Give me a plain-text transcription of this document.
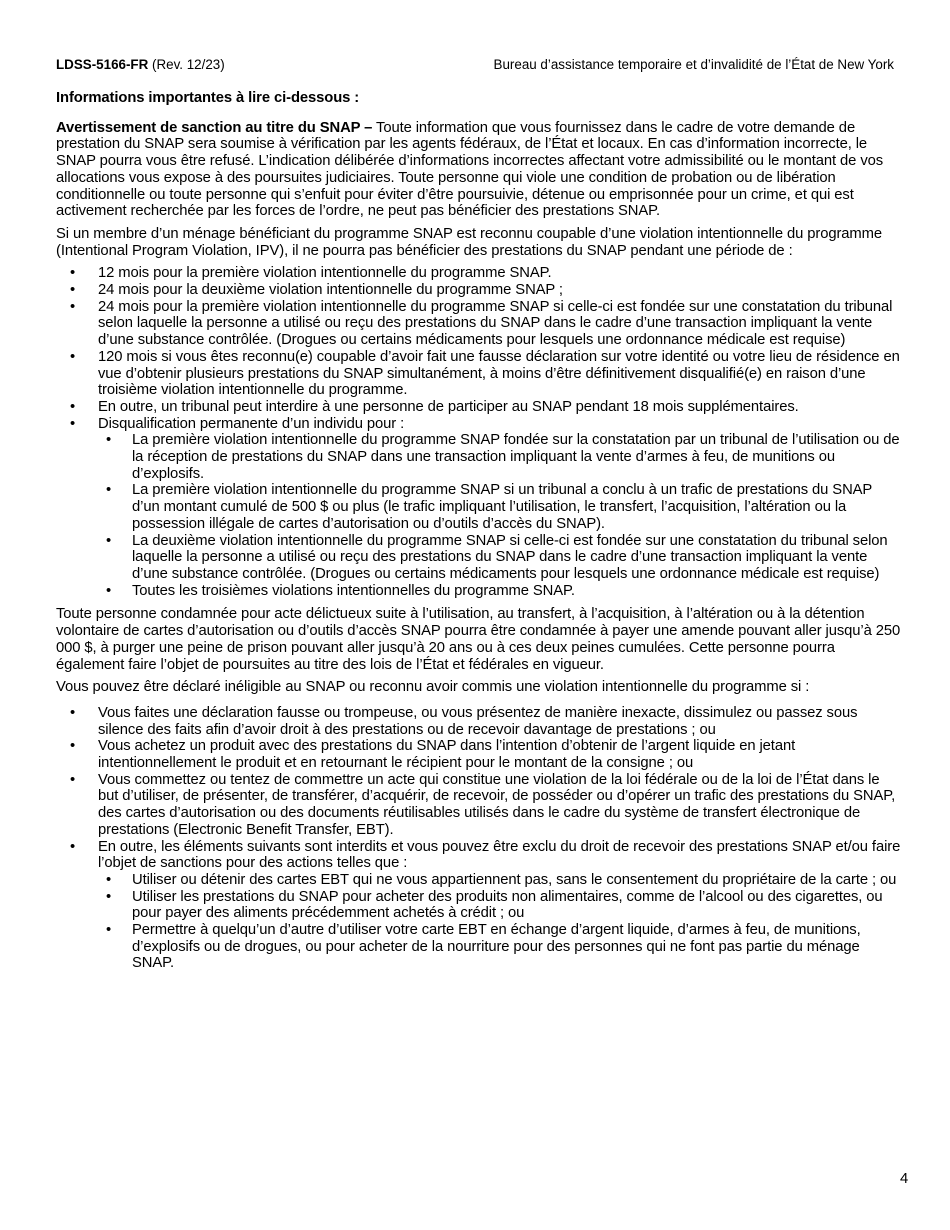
LDSS-5166-FR (Rev. 12/23)	Bureau d’assistance temporaire et d’invalidité de l’État de New York

Informations importantes à lire ci-dessous :

Avertissement de sanction au titre du SNAP – Toute information que vous fournissez dans le cadre de votre demande de prestation du SNAP sera soumise à vérification par les agents fédéraux, de l’État et locaux. En cas d’information incorrecte, le SNAP pourra vous être refusé. L’indication délibérée d’informations incorrectes affectant votre admissibilité ou le montant de vos allocations vous expose à des poursuites judiciaires. Toute personne qui viole une condition de probation ou de libération conditionnelle ou toute personne qui s’enfuit pour éviter d’être poursuivie, détenue ou emprisonnée pour un crime, et qui est activement recherchée par les forces de l’ordre, ne peut pas bénéficier des prestations SNAP.

Si un membre d’un ménage bénéficiant du programme SNAP est reconnu coupable d’une violation intentionnelle du programme (Intentional Program Violation, IPV), il ne pourra pas bénéficier des prestations du SNAP pendant une période de :

• 12 mois pour la première violation intentionnelle du programme SNAP.
• 24 mois pour la deuxième violation intentionnelle du programme SNAP ;
• 24 mois pour la première violation intentionnelle du programme SNAP si celle-ci est fondée sur une constatation du tribunal selon laquelle la personne a utilisé ou reçu des prestations du SNAP dans le cadre d’une transaction impliquant la vente d’une substance contrôlée. (Drogues ou certains médicaments pour lesquels une ordonnance médicale est requise)
• 120 mois si vous êtes reconnu(e) coupable d’avoir fait une fausse déclaration sur votre identité ou votre lieu de résidence en vue d’obtenir plusieurs prestations du SNAP simultanément, à moins d’être définitivement disqualifié(e) en raison d’une troisième violation intentionnelle du programme.
• En outre, un tribunal peut interdire à une personne de participer au SNAP pendant 18 mois supplémentaires.
• Disqualification permanente d’un individu pour :
• La première violation intentionnelle du programme SNAP fondée sur la constatation par un tribunal de l’utilisation ou de la réception de prestations du SNAP dans une transaction impliquant la vente d’armes à feu, de munitions ou d’explosifs.
• La première violation intentionnelle du programme SNAP si un tribunal a conclu à un trafic de prestations du SNAP d’un montant cumulé de 500 $ ou plus (le trafic impliquant l’utilisation, le transfert, l’acquisition, l’altération ou la possession illégale de cartes d’autorisation ou d’outils d’accès du SNAP).
• La deuxième violation intentionnelle du programme SNAP si celle-ci est fondée sur une constatation du tribunal selon laquelle la personne a utilisé ou reçu des prestations du SNAP dans le cadre d’une transaction impliquant la vente d’une substance contrôlée. (Drogues ou certains médicaments pour lesquels une ordonnance médicale est requise)
• Toutes les troisièmes violations intentionnelles du programme SNAP.

Toute personne condamnée pour acte délictueux suite à l’utilisation, au transfert, à l’acquisition, à l’altération ou à la détention volontaire de cartes d’autorisation ou d’outils d’accès SNAP pourra être condamnée à payer une amende pouvant aller jusqu’à 250 000 $, à purger une peine de prison pouvant aller jusqu’à 20 ans ou à ces deux peines cumulées. Cette personne pourra également faire l’objet de poursuites au titre des lois de l’État et fédérales en vigueur.

Vous pouvez être déclaré inéligible au SNAP ou reconnu avoir commis une violation intentionnelle du programme si :

• Vous faites une déclaration fausse ou trompeuse, ou vous présentez de manière inexacte, dissimulez ou passez sous silence des faits afin d’avoir droit à des prestations ou de recevoir davantage de prestations ; ou
• Vous achetez un produit avec des prestations du SNAP dans l’intention d’obtenir de l’argent liquide en jetant intentionnellement le produit et en retournant le récipient pour le montant de la consigne ; ou
• Vous commettez ou tentez de commettre un acte qui constitue une violation de la loi fédérale ou de la loi de l’État dans le but d’utiliser, de présenter, de transférer, d’acquérir, de recevoir, de posséder ou d’opérer un trafic des prestations du SNAP, des cartes d’autorisation ou des documents réutilisables utilisés dans le cadre du système de transfert électronique de prestations (Electronic Benefit Transfer, EBT).
• En outre, les éléments suivants sont interdits et vous pouvez être exclu du droit de recevoir des prestations SNAP et/ou faire l’objet de sanctions pour des actions telles que :
• Utiliser ou détenir des cartes EBT qui ne vous appartiennent pas, sans le consentement du propriétaire de la carte ; ou
• Utiliser les prestations du SNAP pour acheter des produits non alimentaires, comme de l’alcool ou des cigarettes, ou pour payer des aliments précédemment achetés à crédit ; ou
• Permettre à quelqu’un d’autre d’utiliser votre carte EBT en échange d’argent liquide, d’armes à feu, de munitions, d’explosifs ou de drogues, ou pour acheter de la nourriture pour des personnes qui ne font pas partie du ménage SNAP.
4
